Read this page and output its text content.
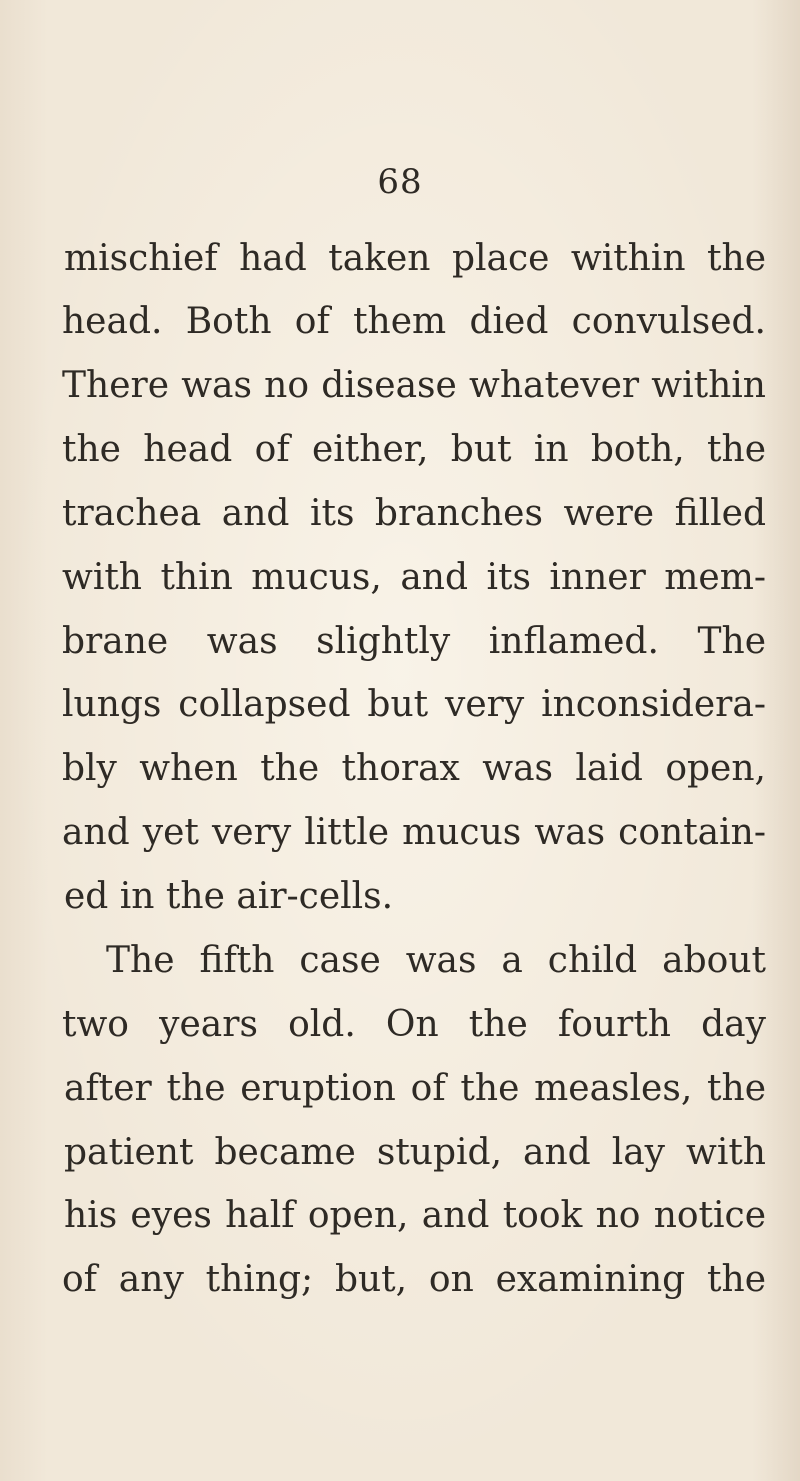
68
mischief had taken place within the
head. Both of them died convulsed.
There was no disease whatever within
the head of either, but in both, the
trachea and its branches were filled
with thin mucus, and its inner mem-
brane was slightly inflamed. The
lungs collapsed but very inconsidera-
bly when the thorax was laid open,
and yet very little mucus was contain-
ed in the air-cells.
The fifth case was a child about
two years old. On the fourth day
after the eruption of the measles, the
patient became stupid, and lay with
his eyes half open, and took no notice
of any thing; but, on examining the
